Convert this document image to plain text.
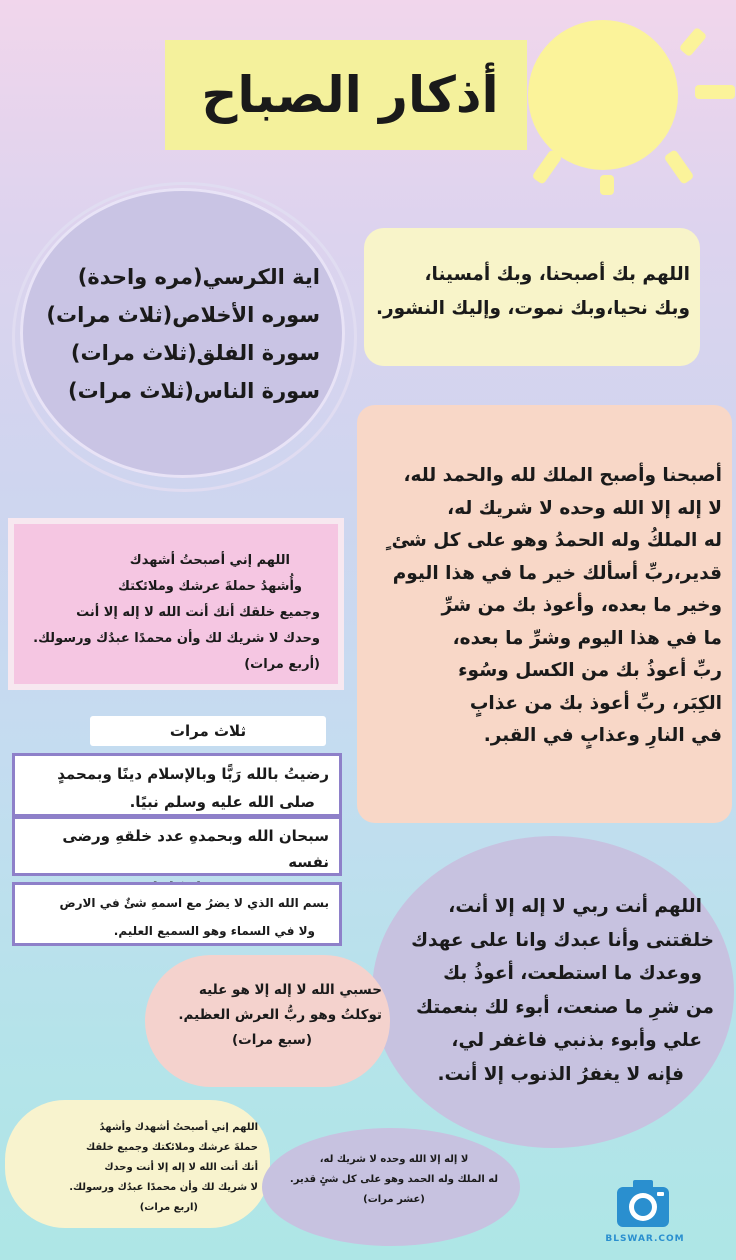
أذكار الصباح
اية الكرسي(مره واحدة)
سوره الأخلاص(ثلاث مرات)
سورة الفلق(ثلاث مرات)
سورة الناس(ثلاث مرات)
اللهم بك أصبحنا، وبك أمسينا،
وبك نحيا،وبك نموت، وإليك النشور.
أصبحنا وأصبح الملك لله والحمد لله،
لا إله إلا الله وحده لا شريك له،
له الملكُ وله الحمدُ وهو على كل شئ ٍ
قدير،ربِّ أسألك خير ما في هذا اليوم
وخير ما بعده، وأعوذ بك من شرِّ
ما في هذا اليوم وشرِّ ما بعده،
ربِّ أعوذُ بك من الكسل وسُوء
الكِبَر، ربِّ أعوذ بك من عذابٍ
في النارِ وعذابٍ في القبر.
اللهم إني أصبحتُ أشهدك
وأُشهدُ حملةَ عرشك وملائكتك
وجميع خلقك أنك أنت الله لا إله إلا أنت
وحدك لا شريك لك وأن محمدًا عبدُك ورسولك.
(أربع مرات)
ثلاث مرات
رضيتُ بالله رَبًّا وبالإسلام دينًا وبمحمدٍ
صلى الله عليه وسلم نبيًا.
سبحان الله وبحمدهِ عدد خلقهِ ورضى نفسه
بسم الله الذي لا يضرُ مع اسمهِ شئٌ في الارض
ولا في السماء وهو السميع العليم.
اللهم أنت ربي لا إله إلا أنت،
خلقتنى وأنا عبدك وانا على عهدك
ووعدك ما استطعت، أعوذُ بك
من شرِ ما صنعت، أبوء لك بنعمتك
علي وأبوء بذنبي فاغفر لي،
فإنه لا يغفرُ الذنوب إلا أنت.
حسبي الله لا إله إلا هو عليه
توكلتُ وهو ربُّ العرش العظيم.
(سبع مرات)
اللهم إني أصبحتُ أشهدك وأشهدُ
حملةَ عرشك وملائكتك وجميع خلقك
أنك أنت الله لا إله إلا أنت وحدك
لا شريك لك وأن محمدًا عبدُك ورسولك.
(اربع مرات)
لا إله إلا الله وحده لا شريك له،
له الملك وله الحمد وهو على كل شئٍ قدير.
(عشر مرات)
BLSWAR.COM
